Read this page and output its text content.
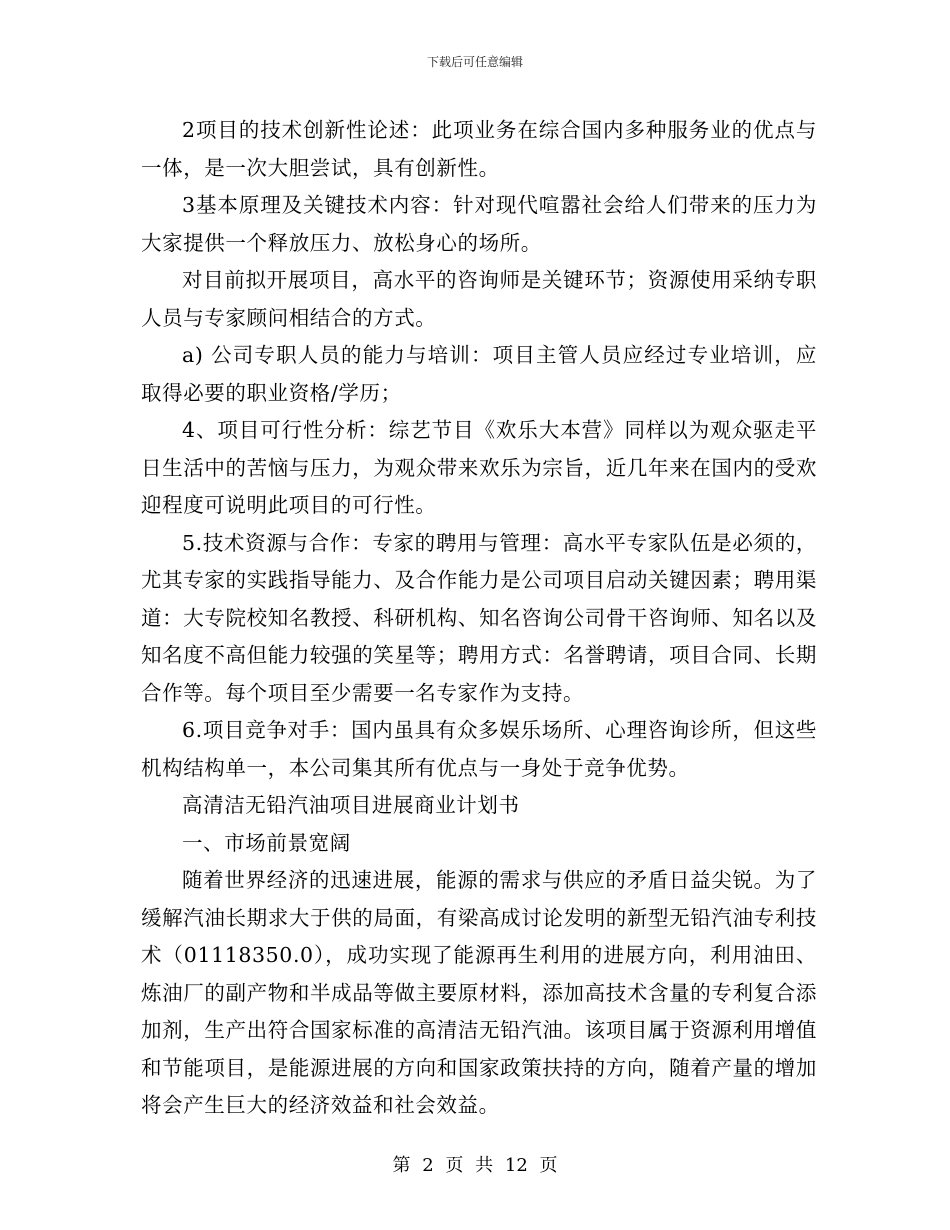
下载后可任意编辑

2项目的技术创新性论述：此项业务在综合国内多种服务业的优点与一体，是一次大胆尝试，具有创新性。

3基本原理及关键技术内容：针对现代喧嚣社会给人们带来的压力为大家提供一个释放压力、放松身心的场所。

对目前拟开展项目，高水平的咨询师是关键环节；资源使用采纳专职人员与专家顾问相结合的方式。

a) 公司专职人员的能力与培训：项目主管人员应经过专业培训，应取得必要的职业资格/学历；

4、项目可行性分析：综艺节目《欢乐大本营》同样以为观众驱走平日生活中的苦恼与压力，为观众带来欢乐为宗旨，近几年来在国内的受欢迎程度可说明此项目的可行性。

5.技术资源与合作：专家的聘用与管理：高水平专家队伍是必须的，尤其专家的实践指导能力、及合作能力是公司项目启动关键因素；聘用渠道：大专院校知名教授、科研机构、知名咨询公司骨干咨询师、知名以及知名度不高但能力较强的笑星等；聘用方式：名誉聘请，项目合同、长期合作等。每个项目至少需要一名专家作为支持。

6.项目竞争对手：国内虽具有众多娱乐场所、心理咨询诊所，但这些机构结构单一，本公司集其所有优点与一身处于竞争优势。

高清洁无铅汽油项目进展商业计划书

一、市场前景宽阔

随着世界经济的迅速进展，能源的需求与供应的矛盾日益尖锐。为了缓解汽油长期求大于供的局面，有梁高成讨论发明的新型无铅汽油专利技术（01118350.0），成功实现了能源再生利用的进展方向，利用油田、炼油厂的副产物和半成品等做主要原材料，添加高技术含量的专利复合添加剂，生产出符合国家标准的高清洁无铅汽油。该项目属于资源利用增值和节能项目，是能源进展的方向和国家政策扶持的方向，随着产量的增加将会产生巨大的经济效益和社会效益。

第 2 页 共 12 页
